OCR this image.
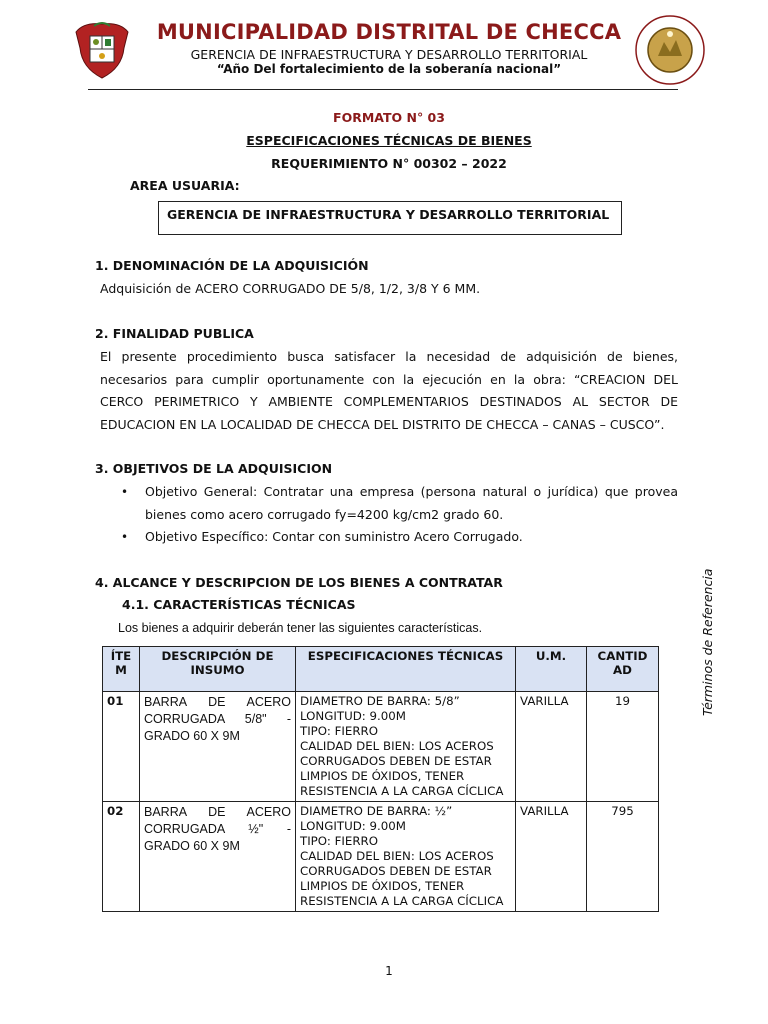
MUNICIPALIDAD DISTRITAL DE CHECCA
GERENCIA DE INFRAESTRUCTURA Y DESARROLLO TERRITORIAL
“Año Del fortalecimiento de la soberanía nacional”
FORMATO N° 03
ESPECIFICACIONES TÉCNICAS DE BIENES
REQUERIMIENTO N° 00302 – 2022
AREA USUARIA:
GERENCIA DE INFRAESTRUCTURA Y DESARROLLO TERRITORIAL
1. DENOMINACIÓN DE LA ADQUISICIÓN
Adquisición de ACERO CORRUGADO DE 5/8, 1/2, 3/8 Y 6 MM.
2. FINALIDAD PUBLICA
El presente procedimiento busca satisfacer la necesidad de adquisición de bienes,
necesarios para cumplir oportunamente con la ejecución en la obra: “CREACION DEL
CERCO PERIMETRICO Y AMBIENTE COMPLEMENTARIOS DESTINADOS AL SECTOR DE
EDUCACION EN LA LOCALIDAD DE CHECCA DEL DISTRITO DE CHECCA – CANAS – CUSCO”.
3. OBJETIVOS DE LA ADQUISICION
• Objetivo General: Contratar una empresa (persona natural o jurídica) que provea
bienes como acero corrugado fy=4200 kg/cm2 grado 60.
• Objetivo Específico: Contar con suministro Acero Corrugado.
4. ALCANCE Y DESCRIPCION DE LOS BIENES A CONTRATAR
4.1. CARACTERÍSTICAS TÉCNICAS
Los bienes a adquirir deberán tener las siguientes características.
ÍTE M	DESCRIPCIÓN DE INSUMO	ESPECIFICACIONES TÉCNICAS	U.M.	CANTID AD
01	BARRA DE ACERO CORRUGADA 5/8" - GRADO 60 X 9M	DIAMETRO DE BARRA: 5/8”
LONGITUD: 9.00M
TIPO: FIERRO
CALIDAD DEL BIEN: LOS ACEROS CORRUGADOS DEBEN DE ESTAR LIMPIOS DE ÓXIDOS, TENER RESISTENCIA A LA CARGA CÍCLICA	VARILLA	19
02	BARRA DE ACERO CORRUGADA ½" - GRADO 60 X 9M	DIAMETRO DE BARRA: ½”
LONGITUD: 9.00M
TIPO: FIERRO
CALIDAD DEL BIEN: LOS ACEROS CORRUGADOS DEBEN DE ESTAR LIMPIOS DE ÓXIDOS, TENER RESISTENCIA A LA CARGA CÍCLICA	VARILLA	795
Términos de Referencia
1
